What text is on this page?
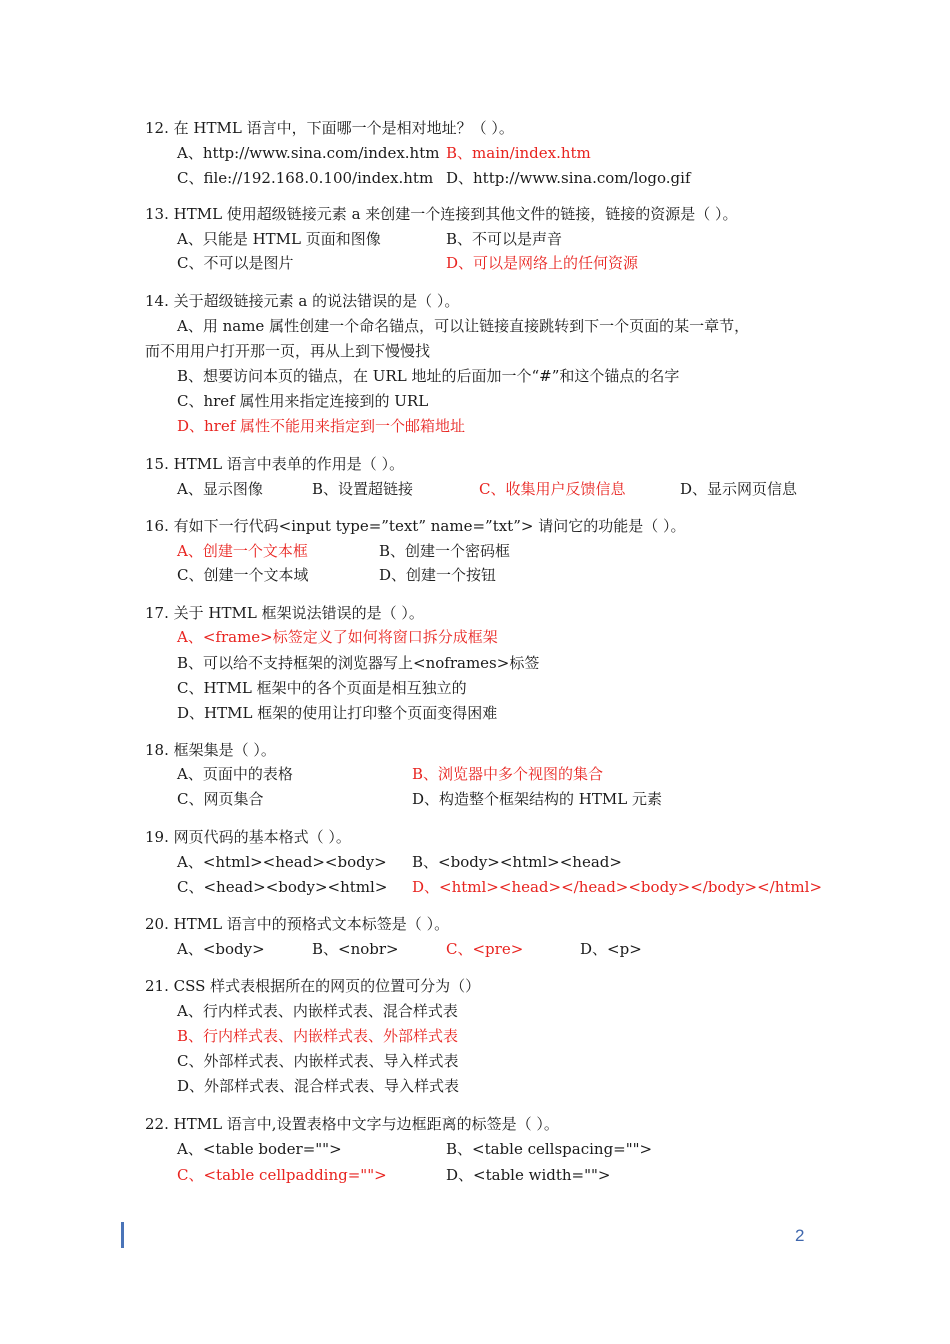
12. 在 HTML 语言中，下面哪一个是相对地址？（ ）。
A、http://www.sina.com/index.htm B、main/index.htm
C、file://192.168.0.100/index.htm D、http://www.sina.com/logo.gif
13. HTML 使用超级链接元素 a 来创建一个连接到其他文件的链接，链接的资源是（ ）。
A、只能是 HTML 页面和图像	B、不可以是声音
C、不可以是图片	D、可以是网络上的任何资源
14. 关于超级链接元素 a 的说法错误的是（ ）。
A、用 name 属性创建一个命名锚点，可以让链接直接跳转到下一个页面的某一章节，
而不用用户打开那一页，再从上到下慢慢找
B、想要访问本页的锚点，在 URL 地址的后面加一个“#”和这个锚点的名字
C、href 属性用来指定连接到的 URL
D、href 属性不能用来指定到一个邮箱地址
15. HTML 语言中表单的作用是（ ）。
A、显示图像	B、设置超链接	C、收集用户反馈信息	D、显示网页信息
16. 有如下一行代码<input type=”text” name=”txt”> 请问它的功能是（ ）。
A、创建一个文本框	B、创建一个密码框
C、创建一个文本域	D、创建一个按钮
17. 关于 HTML 框架说法错误的是（ ）。
A、<frame>标签定义了如何将窗口拆分成框架
B、可以给不支持框架的浏览器写上<noframes>标签
C、HTML 框架中的各个页面是相互独立的
D、HTML 框架的使用让打印整个页面变得困难
18. 框架集是（ ）。
A、页面中的表格	B、浏览器中多个视图的集合
C、网页集合	D、构造整个框架结构的 HTML 元素
19. 网页代码的基本格式（ ）。
A、<html><head><body> B、<body><html><head>
C、<head><body><html> D、<html><head></head><body></body></html>
20. HTML 语言中的预格式文本标签是（ ）。
A、<body>	B、<nobr>	C、<pre>	D、<p>
21. CSS 样式表根据所在的网页的位置可分为（）
A、行内样式表、内嵌样式表、混合样式表
B、行内样式表、内嵌样式表、外部样式表
C、外部样式表、内嵌样式表、导入样式表
D、外部样式表、混合样式表、导入样式表
22. HTML 语言中,设置表格中文字与边框距离的标签是（ ）。
A、<table boder="">	B、<table cellspacing="">
C、<table cellpadding="">	D、<table width="">
2
